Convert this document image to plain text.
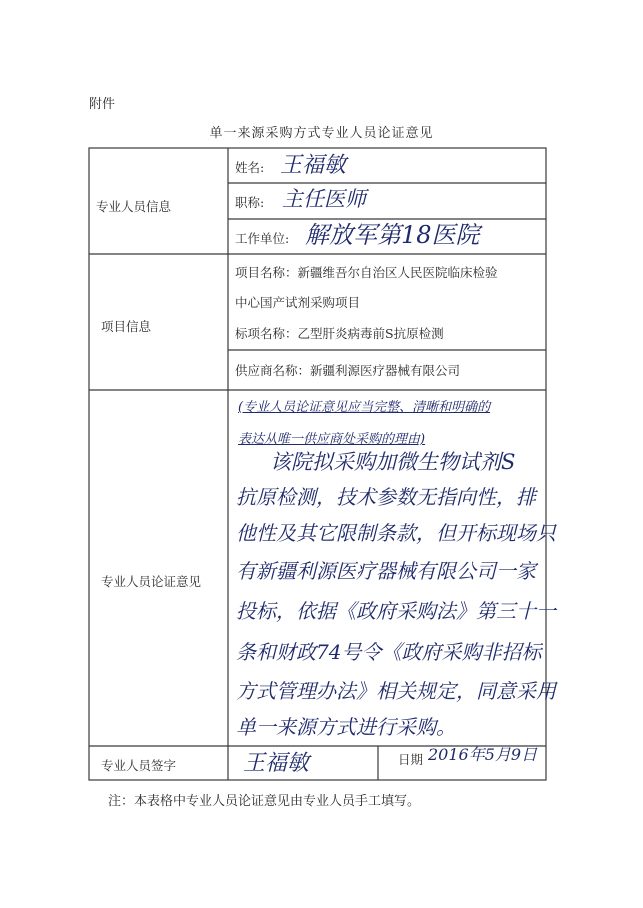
附件
单一来源采购方式专业人员论证意见
专业人员信息
姓名: 王福敏
职称: 主任医师
工作单位: 解放军第18医院
项目信息
项目名称：新疆维吾尔自治区人民医院临床检验
中心国产试剂采购项目
标项名称：乙型肝炎病毒前S抗原检测
供应商名称：新疆利源医疗器械有限公司
专业人员论证意见
(专业人员论证意见应当完整、清晰和明确的
表达从唯一供应商处采购的理由)
该院拟采购加微生物试剂S
抗原检测，技术参数无指向性，排
他性及其它限制条款，但开标现场只
有新疆利源医疗器械有限公司一家
投标，依据《政府采购法》第三十一
条和财政74号令《政府采购非招标
方式管理办法》相关规定，同意采用
单一来源方式进行采购。
专业人员签字	王福敏	日期 2016年5月9日
注：本表格中专业人员论证意见由专业人员手工填写。
